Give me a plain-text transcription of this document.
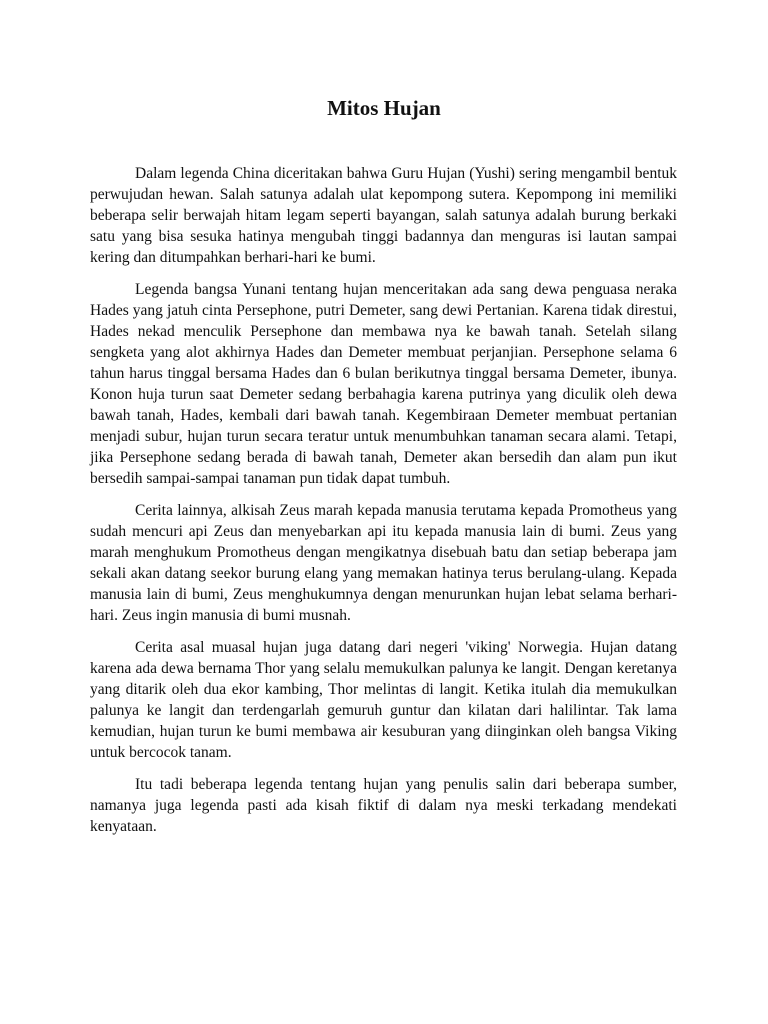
Mitos Hujan

Dalam legenda China diceritakan bahwa Guru Hujan (Yushi) sering mengambil bentuk perwujudan hewan. Salah satunya adalah ulat kepompong sutera. Kepompong ini memiliki beberapa selir berwajah hitam legam seperti bayangan, salah satunya adalah burung berkaki satu yang bisa sesuka hatinya mengubah tinggi badannya dan menguras isi lautan sampai kering dan ditumpahkan berhari-hari ke bumi.

Legenda bangsa Yunani tentang hujan menceritakan ada sang dewa penguasa neraka Hades yang jatuh cinta Persephone, putri Demeter, sang dewi Pertanian. Karena tidak direstui, Hades nekad menculik Persephone dan membawa nya ke bawah tanah. Setelah silang sengketa yang alot akhirnya Hades dan Demeter membuat perjanjian. Persephone selama 6 tahun harus tinggal bersama Hades dan 6 bulan berikutnya tinggal bersama Demeter, ibunya. Konon huja turun saat Demeter sedang berbahagia karena putrinya yang diculik oleh dewa bawah tanah, Hades, kembali dari bawah tanah. Kegembiraan Demeter membuat pertanian menjadi subur, hujan turun secara teratur untuk menumbuhkan tanaman secara alami. Tetapi, jika Persephone sedang berada di bawah tanah, Demeter akan bersedih dan alam pun ikut bersedih sampai-sampai tanaman pun tidak dapat tumbuh.

Cerita lainnya, alkisah Zeus marah kepada manusia terutama kepada Promotheus yang sudah mencuri api Zeus dan menyebarkan api itu kepada manusia lain di bumi. Zeus yang marah menghukum Promotheus dengan mengikatnya disebuah batu dan setiap beberapa jam sekali akan datang seekor burung elang yang memakan hatinya terus berulang-ulang. Kepada manusia lain di bumi, Zeus menghukumnya dengan menurunkan hujan lebat selama berhari-hari. Zeus ingin manusia di bumi musnah.

Cerita asal muasal hujan juga datang dari negeri 'viking' Norwegia. Hujan datang karena ada dewa bernama Thor yang selalu memukulkan palunya ke langit. Dengan keretanya yang ditarik oleh dua ekor kambing, Thor melintas di langit. Ketika itulah dia memukulkan palunya ke langit dan terdengarlah gemuruh guntur dan kilatan dari halilintar. Tak lama kemudian, hujan turun ke bumi membawa air kesuburan yang diinginkan oleh bangsa Viking untuk bercocok tanam.

Itu tadi beberapa legenda tentang hujan yang penulis salin dari beberapa sumber, namanya juga legenda pasti ada kisah fiktif di dalam nya meski terkadang mendekati kenyataan.
